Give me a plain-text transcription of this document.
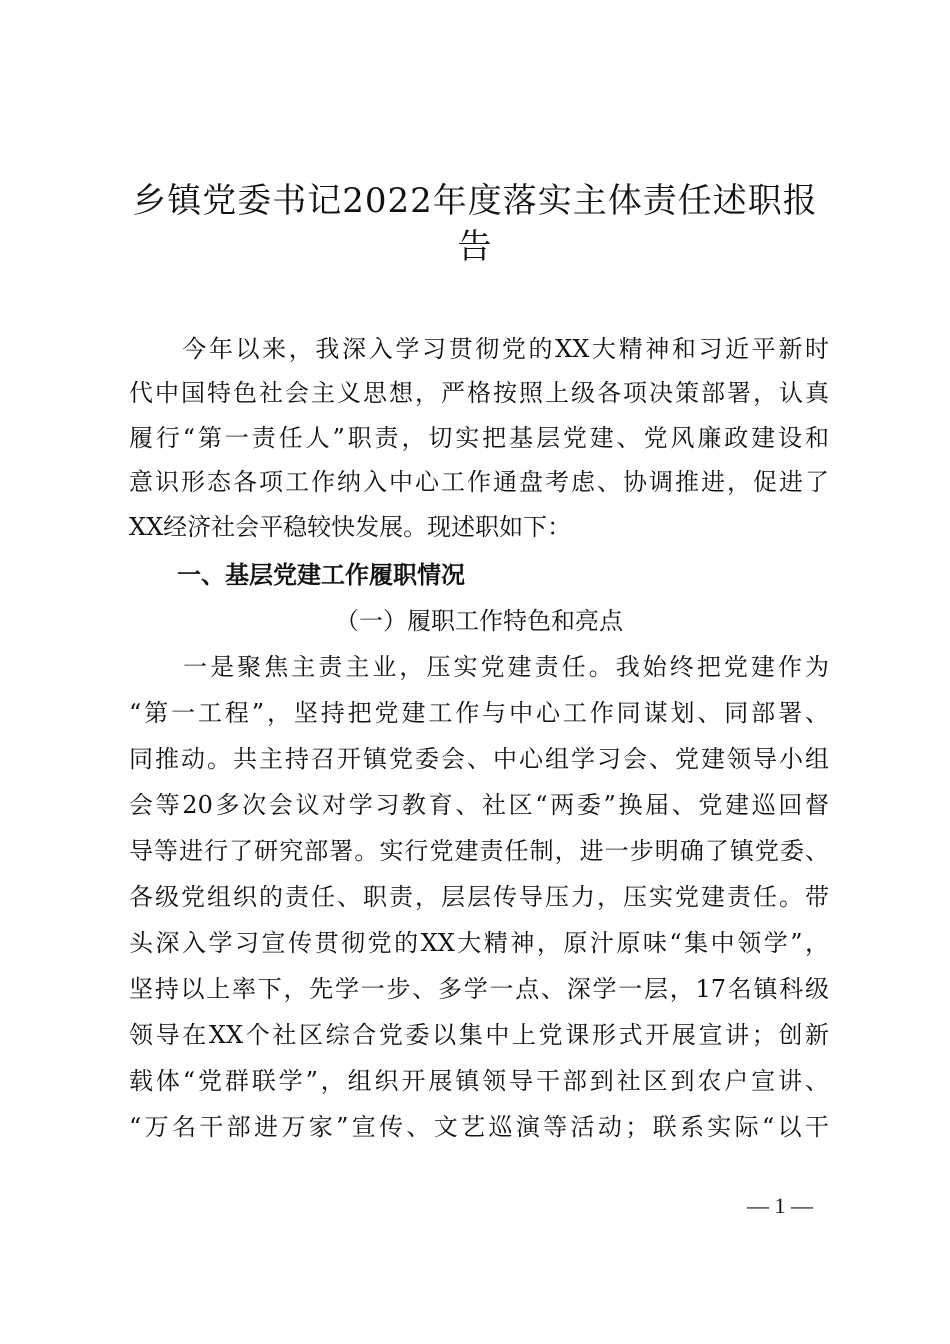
乡镇党委书记2022年度落实主体责任述职报
告
　　今年以来，我深入学习贯彻党的XX大精神和习近平新时
代中国特色社会主义思想，严格按照上级各项决策部署，认真
履行“第一责任人”职责，切实把基层党建、党风廉政建设和
意识形态各项工作纳入中心工作通盘考虑、协调推进，促进了
XX经济社会平稳较快发展。现述职如下：
　　一、基层党建工作履职情况
（一）履职工作特色和亮点
　　一是聚焦主责主业，压实党建责任。我始终把党建作为
“第一工程”，坚持把党建工作与中心工作同谋划、同部署、
同推动。共主持召开镇党委会、中心组学习会、党建领导小组
会等20多次会议对学习教育、社区“两委”换届、党建巡回督
导等进行了研究部署。实行党建责任制，进一步明确了镇党委、
各级党组织的责任、职责，层层传导压力，压实党建责任。带
头深入学习宣传贯彻党的XX大精神，原汁原味“集中领学”，
坚持以上率下，先学一步、多学一点、深学一层，17名镇科级
领导在XX个社区综合党委以集中上党课形式开展宣讲；创新
载体“党群联学”，组织开展镇领导干部到社区到农户宣讲、
“万名干部进万家”宣传、文艺巡演等活动；联系实际“以干
— 1 —
